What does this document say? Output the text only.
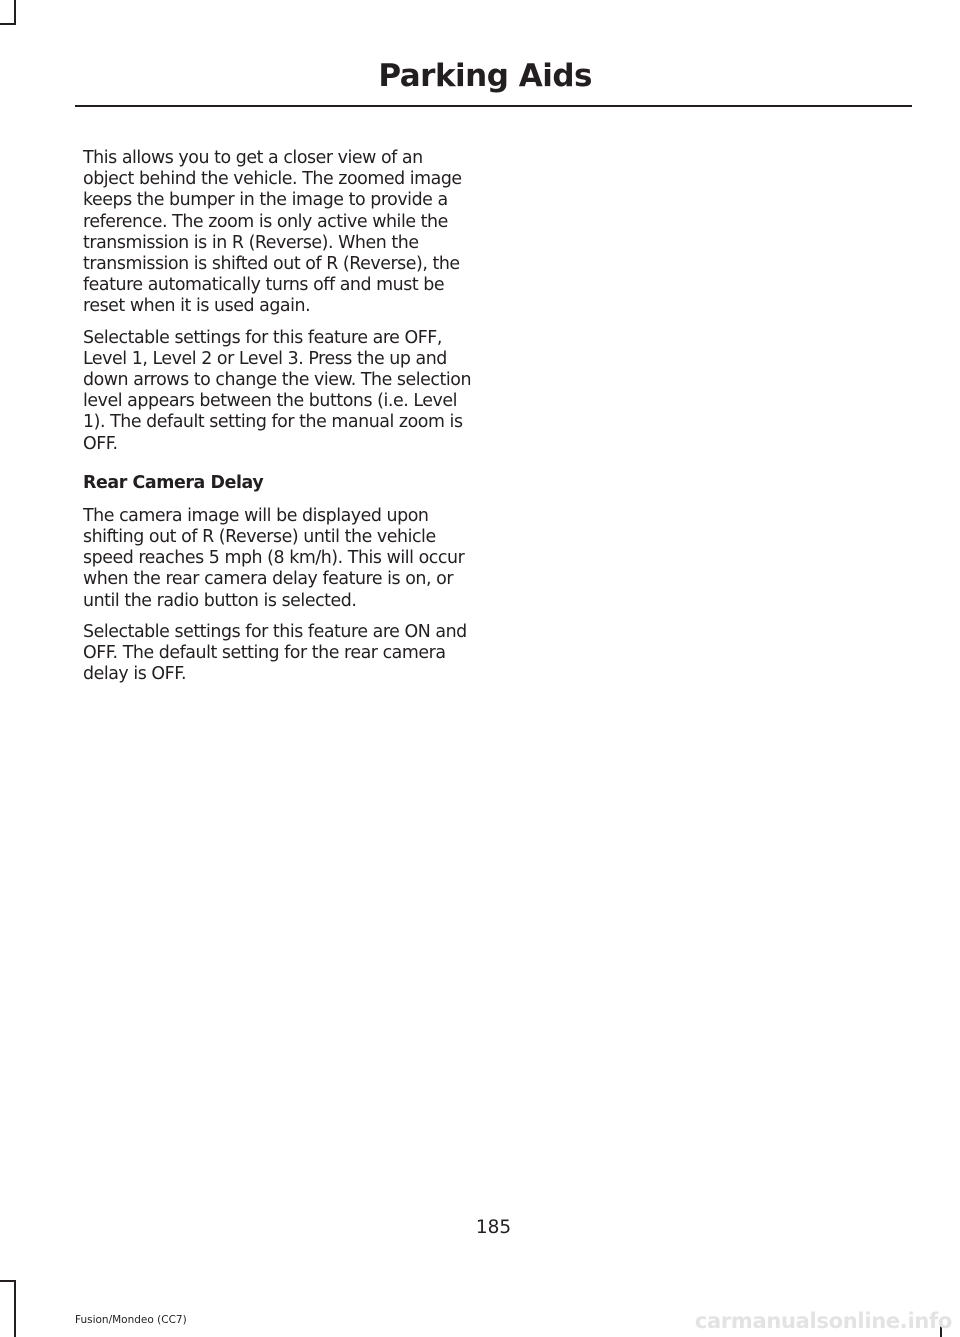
Parking Aids

This allows you to get a closer view of an object behind the vehicle. The zoomed image keeps the bumper in the image to provide a reference. The zoom is only active while the transmission is in R (Reverse). When the transmission is shifted out of R (Reverse), the feature automatically turns off and must be reset when it is used again.

Selectable settings for this feature are OFF, Level 1, Level 2 or Level 3. Press the up and down arrows to change the view. The selection level appears between the buttons (i.e. Level 1). The default setting for the manual zoom is OFF.

Rear Camera Delay

The camera image will be displayed upon shifting out of R (Reverse) until the vehicle speed reaches 5 mph (8 km/h). This will occur when the rear camera delay feature is on, or until the radio button is selected.

Selectable settings for this feature are ON and OFF. The default setting for the rear camera delay is OFF.

185
Fusion/Mondeo (CC7)	carmanualsonline.info
